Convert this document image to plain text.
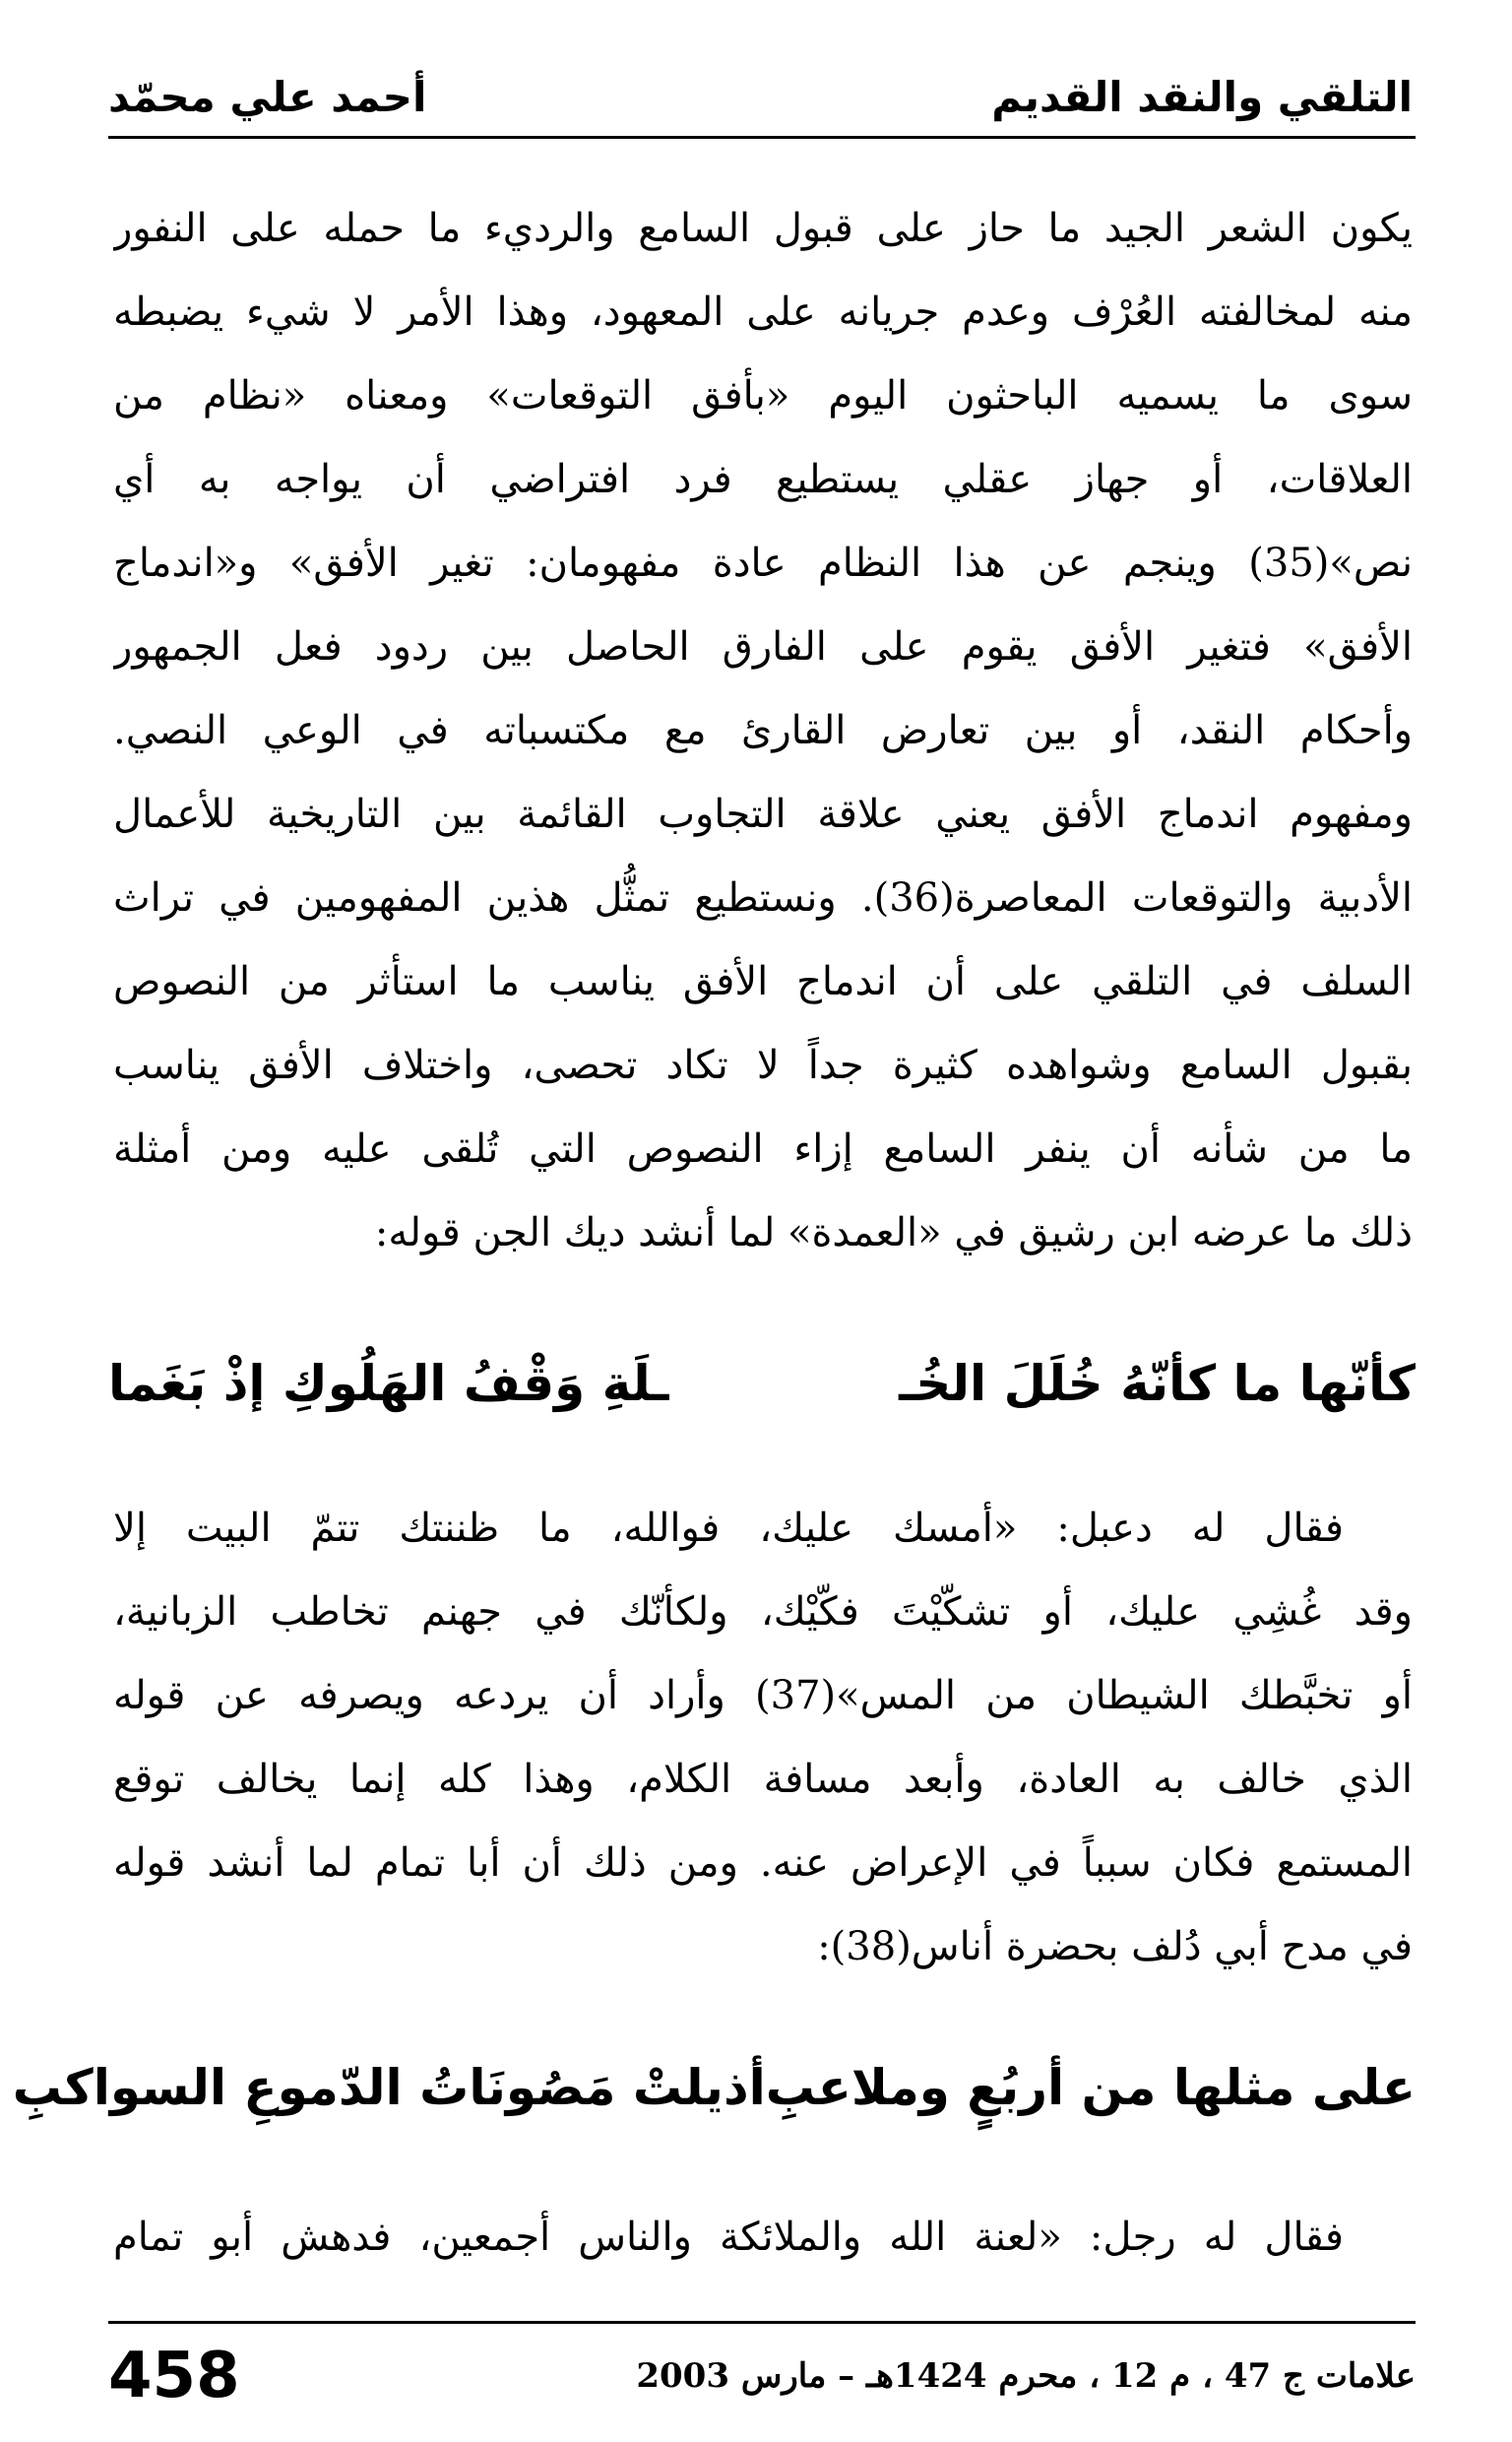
التلقي والنقد القديم
أحمد علي محمّد
يكون الشعر الجيد ما حاز على قبول السامع والرديء ما حمله على النفور
منه لمخالفته العُرْف وعدم جريانه على المعهود، وهذا الأمر لا شيء يضبطه
سوى ما يسميه الباحثون اليوم «بأفق التوقعات» ومعناه «نظام من
العلاقات، أو جهاز عقلي يستطيع فرد افتراضي أن يواجه به أي
نص»(35) وينجم عن هذا النظام عادة مفهومان: تغير الأفق» و«اندماج
الأفق» فتغير الأفق يقوم على الفارق الحاصل بين ردود فعل الجمهور
وأحكام النقد، أو بين تعارض القارئ مع مكتسباته في الوعي النصي.
ومفهوم اندماج الأفق يعني علاقة التجاوب القائمة بين التاريخية للأعمال
الأدبية والتوقعات المعاصرة(36). ونستطيع تمثُّل هذين المفهومين في تراث
السلف في التلقي على أن اندماج الأفق يناسب ما استأثر من النصوص
بقبول السامع وشواهده كثيرة جداً لا تكاد تحصى، واختلاف الأفق يناسب
ما من شأنه أن ينفر السامع إزاء النصوص التي تُلقى عليه ومن أمثلة
ذلك ما عرضه ابن رشيق في «العمدة» لما أنشد ديك الجن قوله:
كأنّها ما كأنّهُ خُلَلَ الخُـ
ـلَةِ وَقْفُ الهَلُوكِ إذْ بَغَما
فقال له دعبل: «أمسك عليك، فوالله، ما ظننتك تتمّ البيت إلا
وقد غُشِي عليك، أو تشكّيْتَ فكّيْك، ولكأنّك في جهنم تخاطب الزبانية،
أو تخبَّطك الشيطان من المس»(37) وأراد أن يردعه ويصرفه عن قوله
الذي خالف به العادة، وأبعد مسافة الكلام، وهذا كله إنما يخالف توقع
المستمع فكان سبباً في الإعراض عنه. ومن ذلك أن أبا تمام لما أنشد قوله
في مدح أبي دُلف بحضرة أناس(38):
على مثلها من أربُعٍ وملاعبِ
أذيلتْ مَصُونَاتُ الدّموعِ السواكبِ
فقال له رجل: «لعنة الله والملائكة والناس أجمعين، فدهش أبو تمام
علامات ج 47 ، م 12 ، محرم 1424هـ – مارس 2003
458
